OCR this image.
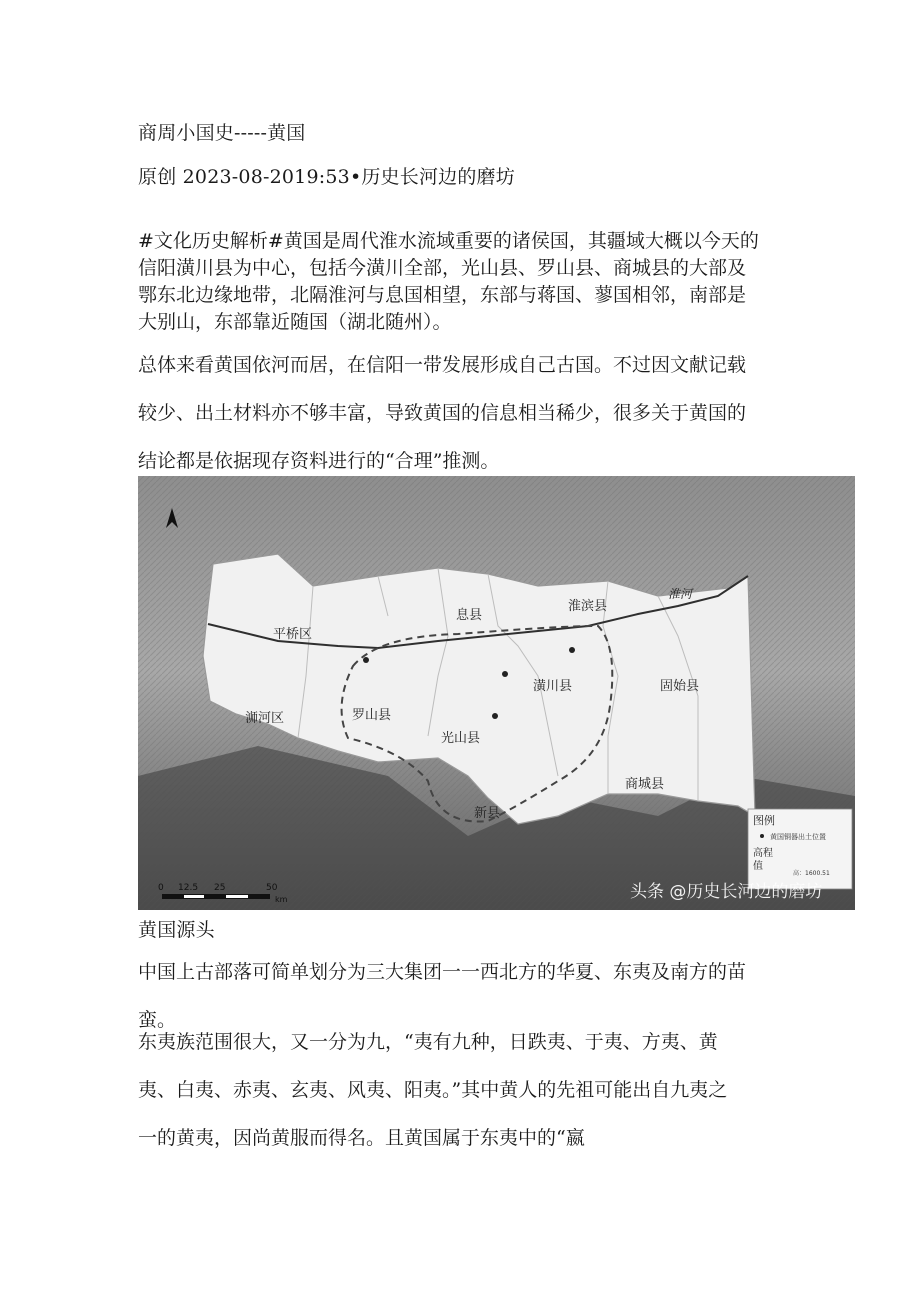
商周小国史-----黄国
原创 2023-08-2019:53•历史长河边的磨坊
#文化历史解析#黄国是周代淮水流域重要的诸侯国，其疆域大概以今天的
信阳潢川县为中心，包括今潢川全部，光山县、罗山县、商城县的大部及
鄂东北边缘地带，北隔淮河与息国相望，东部与蒋国、蓼国相邻，南部是
大别山，东部靠近随国（湖北随州）。
总体来看黄国依河而居，在信阳一带发展形成自己古国。不过因文献记载
较少、出土材料亦不够丰富，导致黄国的信息相当稀少，很多关于黄国的
结论都是依据现存资料进行的“合理”推测。
平桥区
息县
淮滨县
浉河区	罗山县
光山县
潢川县	固始县
商城县
新县
淮河
图例
黄国铜器出土位置
高程
值
高：1600.51
0 12.5 25	50
km	头条 @历史长河边的磨坊
黄国源头
中国上古部落可简单划分为三大集团一一西北方的华夏、东夷及南方的苗
蛮。
东夷族范围很大，又一分为九，“夷有九种，日跌夷、于夷、方夷、黄
夷、白夷、赤夷、玄夷、风夷、阳夷。”其中黄人的先祖可能出自九夷之
一的黄夷，因尚黄服而得名。且黄国属于东夷中的“嬴
